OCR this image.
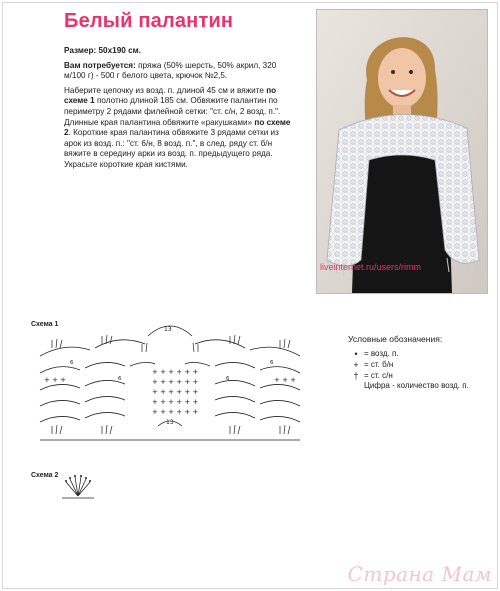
Белый палантин

Размер: 50x190 см.

Вам потребуется: пряжа (50% шерсть, 50% акрил, 320 м/100 г) - 500 г белого цвета, крючок №2,5.

Наберите цепочку из возд. п. длиной 45 см и вяжите по схеме 1 полотно длиной 185 см. Обвяжите палантин по периметру 2 рядами филейной сетки: "ст. с/н, 2 возд. п.". Длинные края палантина обвяжите «ракушками» по схеме 2. Короткие края палантина обвяжите 3 рядами сетки из арок из возд. п.: "ст. 6/н, 8 возд. п.", в след. ряду ст. б/н вяжите в середину арки из возд. п. предыдущего ряда. Украсьте короткие края кистями.

liveinternet.ru/users/rimm
Схема 1
+ + + + + +
+ + + + + +
+ + + + + +
+ + + + + +
+ + + + + +
+ + +	+ + +
13
13
6
6	6
6
Условные обозначения:
• = возд. п.
+ = ст. б/н
† = ст. с/н
Цифра - количество возд. п.
Схема 2
Страна Мам
